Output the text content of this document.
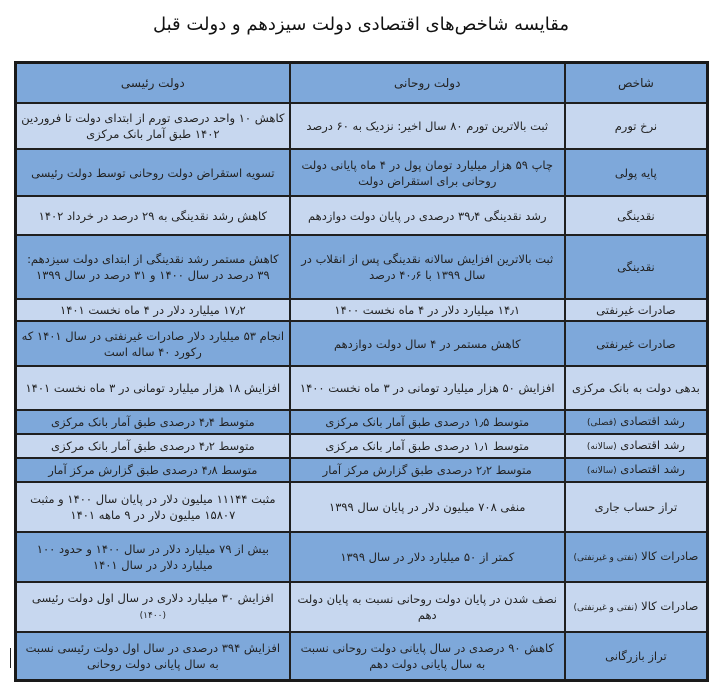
مقایسه شاخص‌های اقتصادی دولت سیزدهم و دولت قبل
شاخص	دولت روحانی	دولت رئیسی
نرخ تورم	ثبت بالاترین تورم ۸۰ سال اخیر: نزدیک به ۶۰ درصد	کاهش ۱۰ واحد درصدی تورم از ابتدای دولت تا فروردین ۱۴۰۲ طبق آمار بانک مرکزی
پایه پولی	چاپ ۵۹ هزار میلیارد تومان پول در ۴ ماه پایانی دولت روحانی برای استقراض دولت	تسویه استقراض دولت روحانی توسط دولت رئیسی
نقدینگی	رشد نقدینگی ۳۹٫۴ درصدی در پایان دولت دوازدهم	کاهش رشد نقدینگی به ۲۹ درصد در خرداد ۱۴۰۲
نقدینگی	ثبت بالاترین افزایش سالانه نقدینگی پس از انقلاب در سال ۱۳۹۹ با ۴۰٫۶ درصد	کاهش مستمر رشد نقدینگی از ابتدای دولت سیزدهم: ۳۹ درصد در سال ۱۴۰۰ و ۳۱ درصد در سال ۱۳۹۹
صادرات غیرنفتی	۱۴٫۱ میلیارد دلار در ۴ ماه نخست ۱۴۰۰	۱۷٫۲ میلیارد دلار در ۴ ماه نخست ۱۴۰۱
صادرات غیرنفتی	کاهش مستمر در ۴ سال دولت دوازدهم	انجام ۵۳ میلیارد دلار صادرات غیرنفتی در سال ۱۴۰۱ که رکورد ۴۰ ساله است
بدهی دولت به بانک مرکزی	افزایش ۵۰ هزار میلیارد تومانی در ۳ ماه نخست ۱۴۰۰	افزایش ۱۸ هزار میلیارد تومانی در ۳ ماه نخست ۱۴۰۱
رشد اقتصادی (فصلی)	متوسط ۱٫۵ درصدی طبق آمار بانک مرکزی	متوسط ۴٫۴ درصدی طبق آمار بانک مرکزی
رشد اقتصادی (سالانه)	متوسط ۱٫۱ درصدی طبق آمار بانک مرکزی	متوسط ۴٫۲ درصدی طبق آمار بانک مرکزی
رشد اقتصادی (سالانه)	متوسط ۲٫۲ درصدی طبق گزارش مرکز آمار	متوسط ۴٫۸ درصدی طبق گزارش مرکز آمار
تراز حساب جاری	منفی ۷۰۸ میلیون دلار در پایان سال ۱۳۹۹	مثبت ۱۱۱۴۴ میلیون دلار در پایان سال ۱۴۰۰ و مثبت ۱۵۸۰۷ میلیون دلار در ۹ ماهه ۱۴۰۱
صادرات کالا (نفتی و غیرنفتی)	کمتر از ۵۰ میلیارد دلار در سال ۱۳۹۹	بیش از ۷۹ میلیارد دلار در سال ۱۴۰۰ و حدود ۱۰۰ میلیارد دلار در سال ۱۴۰۱
صادرات کالا (نفتی و غیرنفتی)	نصف شدن در پایان دولت روحانی نسبت به پایان دولت دهم	افزایش ۳۰ میلیارد دلاری در سال اول دولت رئیسی (۱۴۰۰)
تراز بازرگانی	کاهش ۹۰ درصدی در سال پایانی دولت روحانی نسبت به سال پایانی دولت دهم	افزایش ۳۹۴ درصدی در سال اول دولت رئیسی نسبت به سال پایانی دولت روحانی
